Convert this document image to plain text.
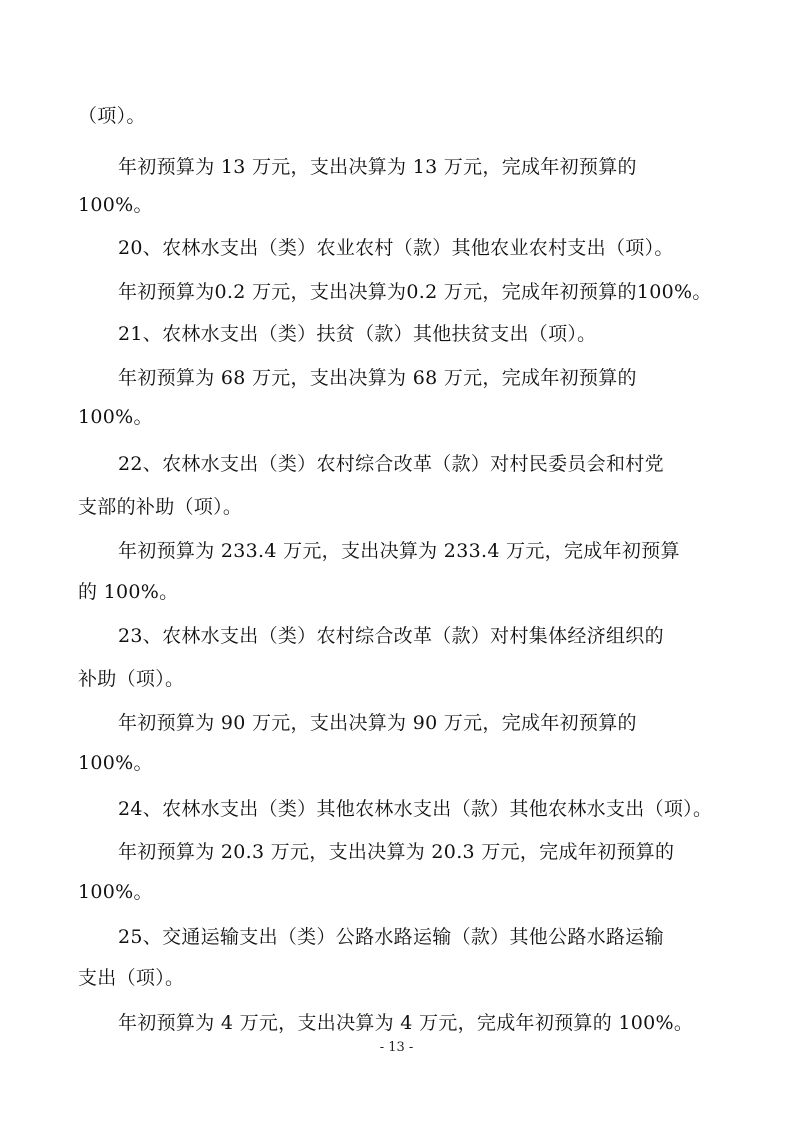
（项）。

年初预算为 13 万元，支出决算为 13 万元，完成年初预算的

100%。

20、农林水支出（类）农业农村（款）其他农业农村支出（项）。

年初预算为0.2 万元，支出决算为0.2 万元，完成年初预算的100%。

21、农林水支出（类）扶贫（款）其他扶贫支出（项）。

年初预算为 68 万元，支出决算为 68 万元，完成年初预算的

100%。

22、农林水支出（类）农村综合改革（款）对村民委员会和村党

支部的补助（项）。

年初预算为 233.4 万元，支出决算为 233.4 万元，完成年初预算

的 100%。

23、农林水支出（类）农村综合改革（款）对村集体经济组织的

补助（项）。

年初预算为 90 万元，支出决算为 90 万元，完成年初预算的

100%。

24、农林水支出（类）其他农林水支出（款）其他农林水支出（项）。

年初预算为 20.3 万元，支出决算为 20.3 万元，完成年初预算的

100%。

25、交通运输支出（类）公路水路运输（款）其他公路水路运输

支出（项）。

年初预算为 4 万元，支出决算为 4 万元，完成年初预算的 100%。

- 13 -
